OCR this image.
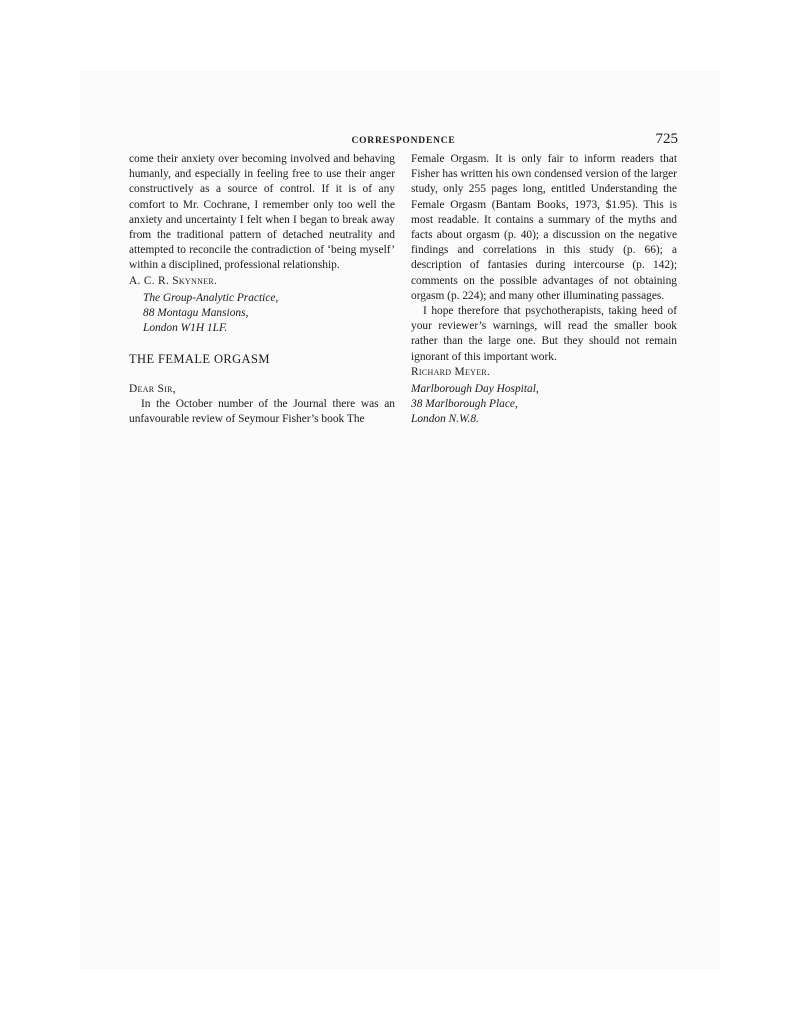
CORRESPONDENCE	725

come their anxiety over becoming involved and behaving humanly, and especially in feeling free to use their anger constructively as a source of control. If it is of any comfort to Mr. Cochrane, I remember only too well the anxiety and uncertainty I felt when I began to break away from the traditional pattern of detached neutrality and attempted to reconcile the contradiction of ‘being myself’ within a disciplined, professional relationship.

A. C. R. Skynner.

The Group-Analytic Practice,

88 Montagu Mansions,

London W1H 1LF.

THE FEMALE ORGASM

Dear Sir,

In the October number of the Journal there was an unfavourable review of Seymour Fisher’s book The

Female Orgasm. It is only fair to inform readers that Fisher has written his own condensed version of the larger study, only 255 pages long, entitled Understanding the Female Orgasm (Bantam Books, 1973, $1.95). This is most readable. It contains a summary of the myths and facts about orgasm (p. 40); a discussion on the negative findings and correlations in this study (p. 66); a description of fantasies during intercourse (p. 142); comments on the possible advantages of not obtaining orgasm (p. 224); and many other illuminating passages.

I hope therefore that psychotherapists, taking heed of your reviewer’s warnings, will read the smaller book rather than the large one. But they should not remain ignorant of this important work.

Richard Meyer.

Marlborough Day Hospital,

38 Marlborough Place,

London N.W.8.
